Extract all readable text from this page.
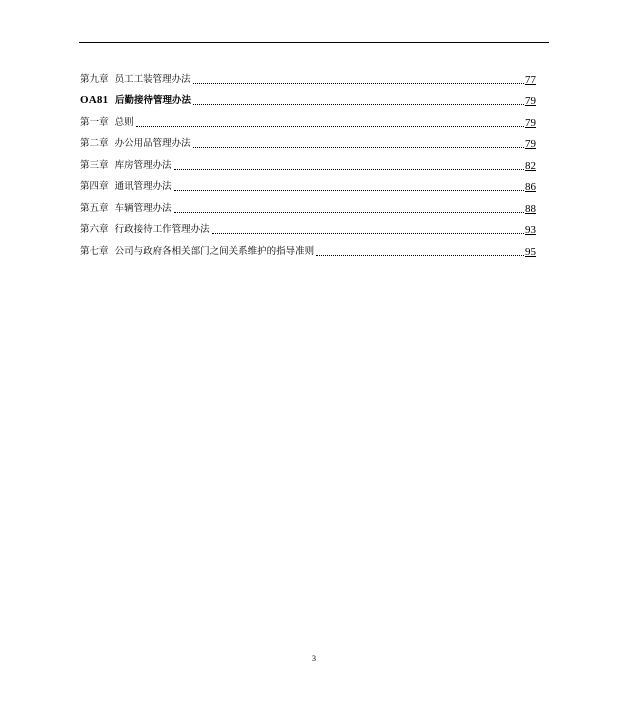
第九章 员工工装管理办法	77
OA81 后勤接待管理办法	79
第一章 总则	79
第二章 办公用品管理办法	79
第三章 库房管理办法	82
第四章 通讯管理办法	86
第五章 车辆管理办法	88
第六章 行政接待工作管理办法	93
第七章 公司与政府各相关部门之间关系维护的指导准则	95
3
